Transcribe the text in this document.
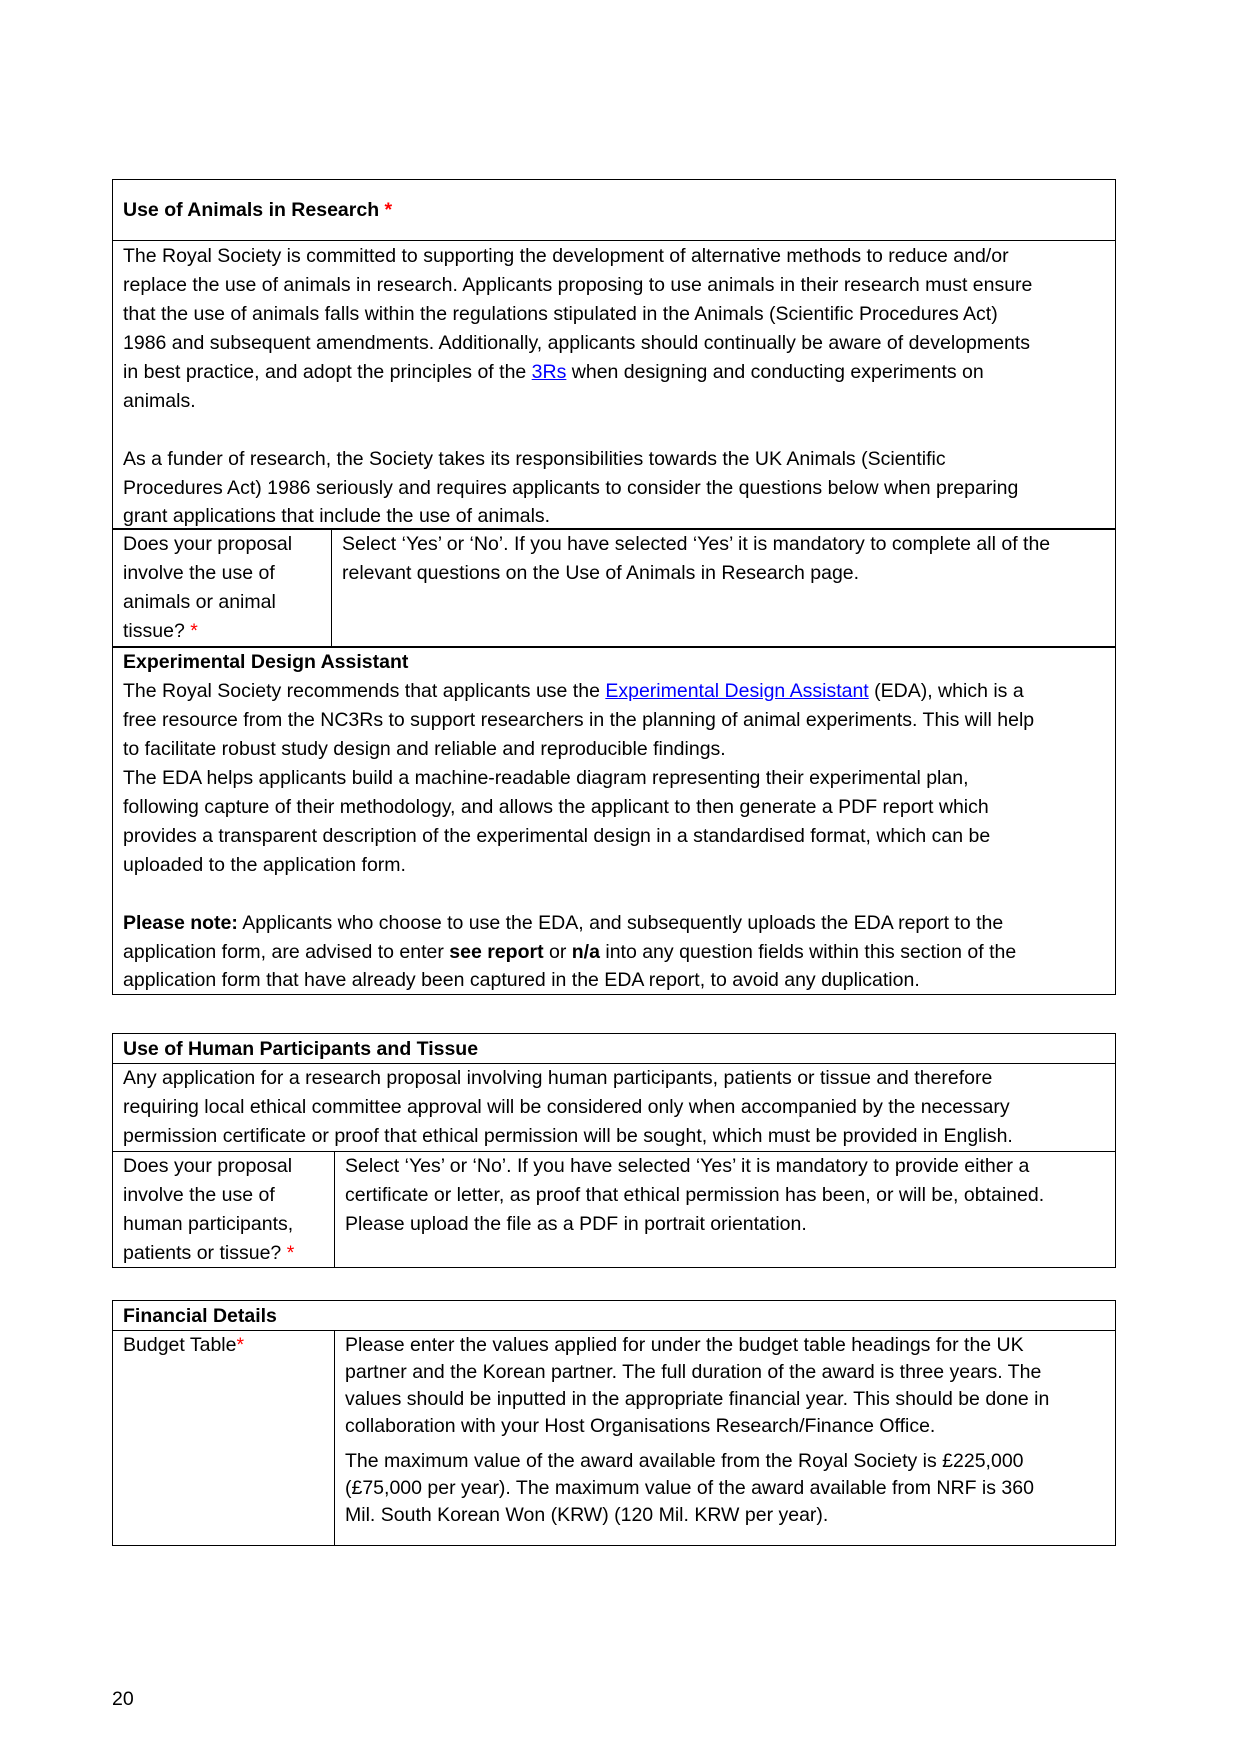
Use of Animals in Research *
The Royal Society is committed to supporting the development of alternative methods to reduce and/or
replace the use of animals in research. Applicants proposing to use animals in their research must ensure
that the use of animals falls within the regulations stipulated in the Animals (Scientific Procedures Act)
1986 and subsequent amendments. Additionally, applicants should continually be aware of developments
in best practice, and adopt the principles of the 3Rs when designing and conducting experiments on
animals.
As a funder of research, the Society takes its responsibilities towards the UK Animals (Scientific
Procedures Act) 1986 seriously and requires applicants to consider the questions below when preparing
grant applications that include the use of animals.
Does your proposal
involve the use of
animals or animal
tissue? *
Select ‘Yes’ or ‘No’. If you have selected ‘Yes’ it is mandatory to complete all of the
relevant questions on the Use of Animals in Research page.
Experimental Design Assistant
The Royal Society recommends that applicants use the Experimental Design Assistant (EDA), which is a
free resource from the NC3Rs to support researchers in the planning of animal experiments. This will help
to facilitate robust study design and reliable and reproducible findings.
The EDA helps applicants build a machine-readable diagram representing their experimental plan,
following capture of their methodology, and allows the applicant to then generate a PDF report which
provides a transparent description of the experimental design in a standardised format, which can be
uploaded to the application form.
Please note: Applicants who choose to use the EDA, and subsequently uploads the EDA report to the
application form, are advised to enter see report or n/a into any question fields within this section of the
application form that have already been captured in the EDA report, to avoid any duplication.
Use of Human Participants and Tissue
Any application for a research proposal involving human participants, patients or tissue and therefore
requiring local ethical committee approval will be considered only when accompanied by the necessary
permission certificate or proof that ethical permission will be sought, which must be provided in English.
Does your proposal
involve the use of
human participants,
patients or tissue? *
Select ‘Yes’ or ‘No’. If you have selected ‘Yes’ it is mandatory to provide either a
certificate or letter, as proof that ethical permission has been, or will be, obtained.
Please upload the file as a PDF in portrait orientation.
Financial Details
Budget Table*	Please enter the values applied for under the budget table headings for the UK
partner and the Korean partner. The full duration of the award is three years. The
values should be inputted in the appropriate financial year. This should be done in
collaboration with your Host Organisations Research/Finance Office.
The maximum value of the award available from the Royal Society is £225,000
(£75,000 per year). The maximum value of the award available from NRF is 360
Mil. South Korean Won (KRW) (120 Mil. KRW per year).
20
